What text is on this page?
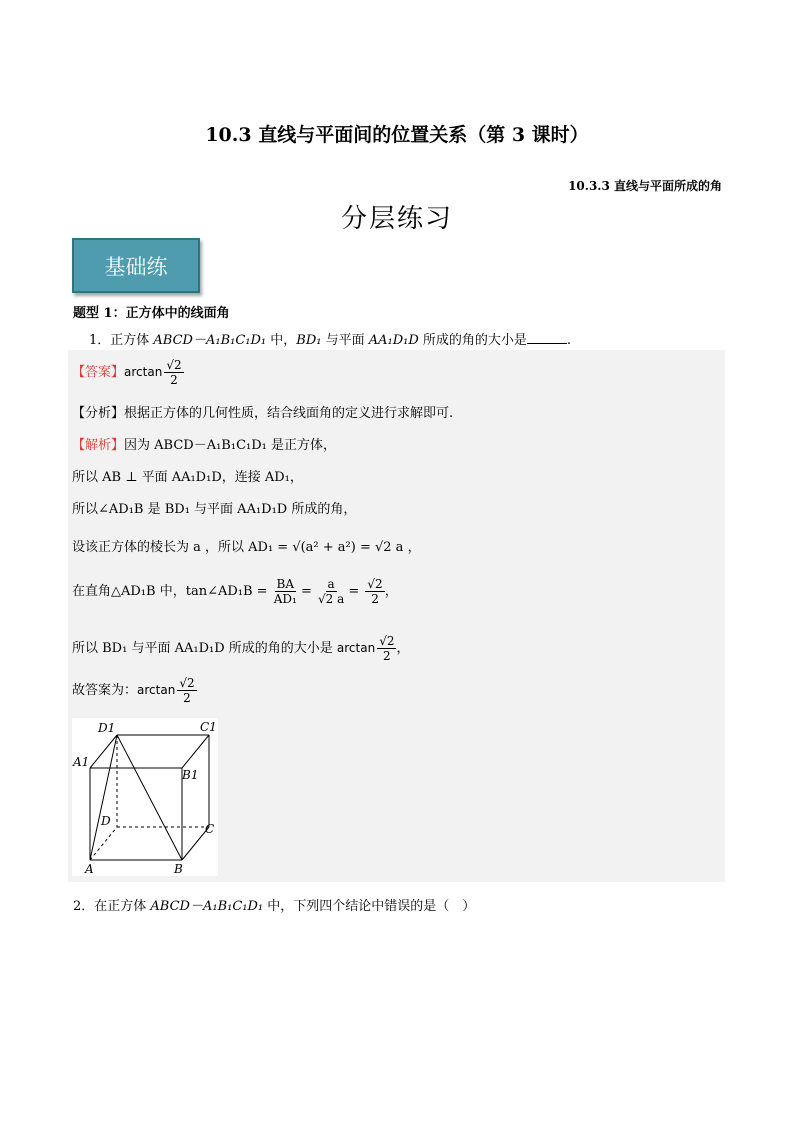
10.3 直线与平面间的位置关系（第 3 课时）
10.3.3 直线与平面所成的角
分层练习
基础练
题型 1：正方体中的线面角
1．正方体 ABCD－A₁B₁C₁D₁ 中，BD₁ 与平面 AA₁D₁D 所成的角的大小是	.
【答案】$\arctan \frac{√2}{2}$
【分析】根据正方体的几何性质，结合线面角的定义进行求解即可.
【解析】因为 ABCD－A₁B₁C₁D₁ 是正方体，
所以 AB ⊥ 平面 AA₁D₁D，连接 AD₁，
所以∠AD₁B 是 BD₁ 与平面 AA₁D₁D 所成的角，
设该正方体的棱长为 a ，所以 AD₁ = √(a² + a²) = √2 a ，
在直角△AD₁B 中，tan∠AD₁B = $\frac{BA}{\text{AD₁}} = \frac{a}{√2 a} = \frac{√2}{2}$ ，
所以 BD₁ 与平面 AA₁D₁D 所成的角的大小是 $\arctan \frac{√2}{2}$ ，
故答案为：$\arctan \frac{√2}{2}$
D1	C1
A1
B1
D
C
A	B
2．在正方体 ABCD－A₁B₁C₁D₁ 中，下列四个结论中错误的是（　）
